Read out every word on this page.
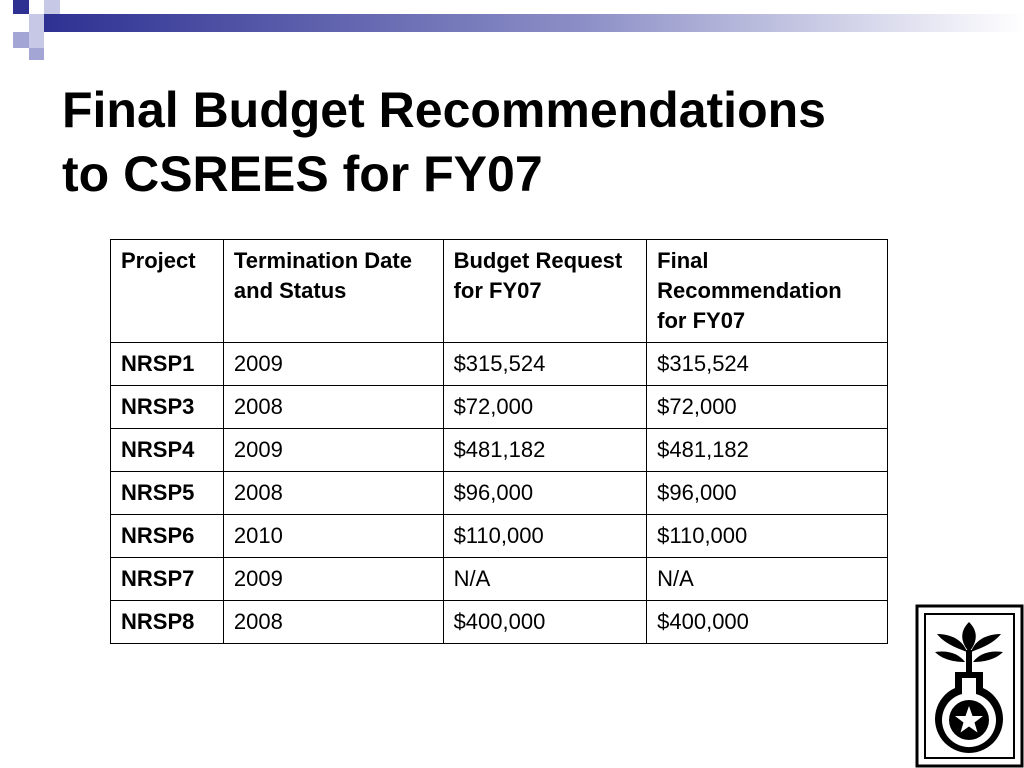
Final Budget Recommendations
to CSREES for FY07
Project	Termination Date and Status	Budget Request for FY07	Final Recommendation for FY07
NRSP1	2009	$315,524	$315,524
NRSP3	2008	$72,000	$72,000
NRSP4	2009	$481,182	$481,182
NRSP5	2008	$96,000	$96,000
NRSP6	2010	$110,000	$110,000
NRSP7	2009	N/A	N/A
NRSP8	2008	$400,000	$400,000
